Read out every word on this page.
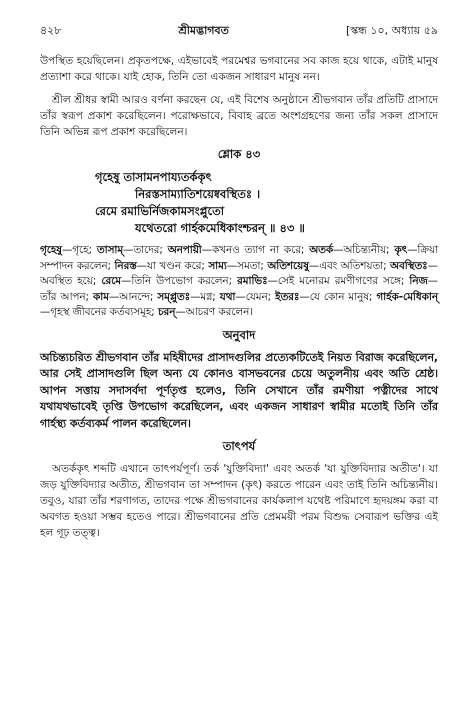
৪২৮	শ্রীমদ্ভাগবত	[স্কন্ধ ১০, অধ্যায় ৫৯

উপস্থিত হয়েছিলেন। প্রকৃতপক্ষে, এইভাবেই পরমেশ্বর ভগবানের সব কাজ হয়ে থাকে, এটাই মানুষ প্রত্যাশা করে থাকে। যাই হোক, তিনি তো একজন সাধারণ মানুষ নন।

শ্রীল শ্রীধর স্বামী আরও বর্ণনা করছেন যে, এই বিশেষ অনুষ্ঠানে শ্রীভগবান তাঁর প্রতিটি প্রাসাদে তাঁর স্বরূপ প্রকাশ করেছিলেন। পরোক্ষভাবে, বিবাহ ব্রতে অংশগ্রহণের জন্য তাঁর সকল প্রাসাদে তিনি অভিন্ন রূপ প্রকাশ করেছিলেন।

শ্লোক ৪৩
গৃহেষু তাসামনপায্যতর্ককৃৎ
নিরস্তসাম্যাতিশয়েষ্ববস্থিতঃ ।
রেমে রমাভির্নিজকামসংপ্লুতো
যথেতরো গার্হকমেধিকাংশ্চরন্ ॥ ৪৩ ॥
গৃহেষু—গৃহে; তাসাম্—তাদের; অনপায়ী—কখনও ত্যাগ না করে; অতর্ক—অচিন্ত্যনীয়; কৃৎ—ক্রিয়া সম্পাদন করলেন; নিরস্ত—যা খণ্ডন করে; সাম্য—সমতা; অতিশয়েষু—এবং অতিশয়তা; অবস্থিতঃ—অবস্থিত হয়ে; রেমে—তিনি উপভোগ করলেন; রমাভিঃ—সেই মনোরম রমণীগণের সঙ্গে; নিজ—তাঁর আপন; কাম—আনন্দে; সম্প্লুতঃ—মগ্ন; যথা—যেমন; ইতরঃ—যে কোন মানুষ; গার্হক-মেধিকান্—গৃহস্থ জীবনের কর্তব্যসমূহ; চরন্—আচরণ করলেন।
অনুবাদ

অচিন্ত্যচরিত শ্রীভগবান তাঁর মহিষীদের প্রাসাদগুলির প্রত্যেকটিতেই নিয়ত বিরাজ করেছিলেন, আর সেই প্রাসাদগুলি ছিল অন্য যে কোনও বাসভবনের চেয়ে অতুলনীয় এবং অতি শ্রেষ্ঠ। আপন সত্তায় সদাসর্বদা পূর্ণতৃপ্ত হলেও, তিনি সেখানে তাঁর রমণীয়া পত্নীদের সাথে যথাযথভাবেই তৃপ্তি উপভোগ করেছিলেন, এবং একজন সাধারণ স্বামীর মতোই তিনি তাঁর গার্হস্থ্য কর্তব্যকর্ম পালন করেছিলেন।

তাৎপর্য

অতর্ককৃৎ শব্দটি এখানে তাৎপর্যপূর্ণ। তর্ক 'যুক্তিবিদ্যা' এবং অতর্ক 'যা যুক্তিবিদ্যার অতীত'। যা জড় যুক্তিবিদ্যার অতীত, শ্রীভগবান তা সম্পাদন (কৃৎ) করতে পারেন এবং তাই তিনি অচিন্ত্যনীয়। তবুও, যারা তাঁর শরণাগত, তাদের পক্ষে শ্রীভগবানের কার্যকলাপ যথেষ্ট পরিমাণে হৃদয়ঙ্গম করা বা অবগত হওয়া সম্ভব হতেও পারে। শ্রীভগবানের প্রতি প্রেমময়ী পরম বিশুদ্ধ সেবারূপ ভক্তির এই হল গূঢ় তত্ত্ব।
